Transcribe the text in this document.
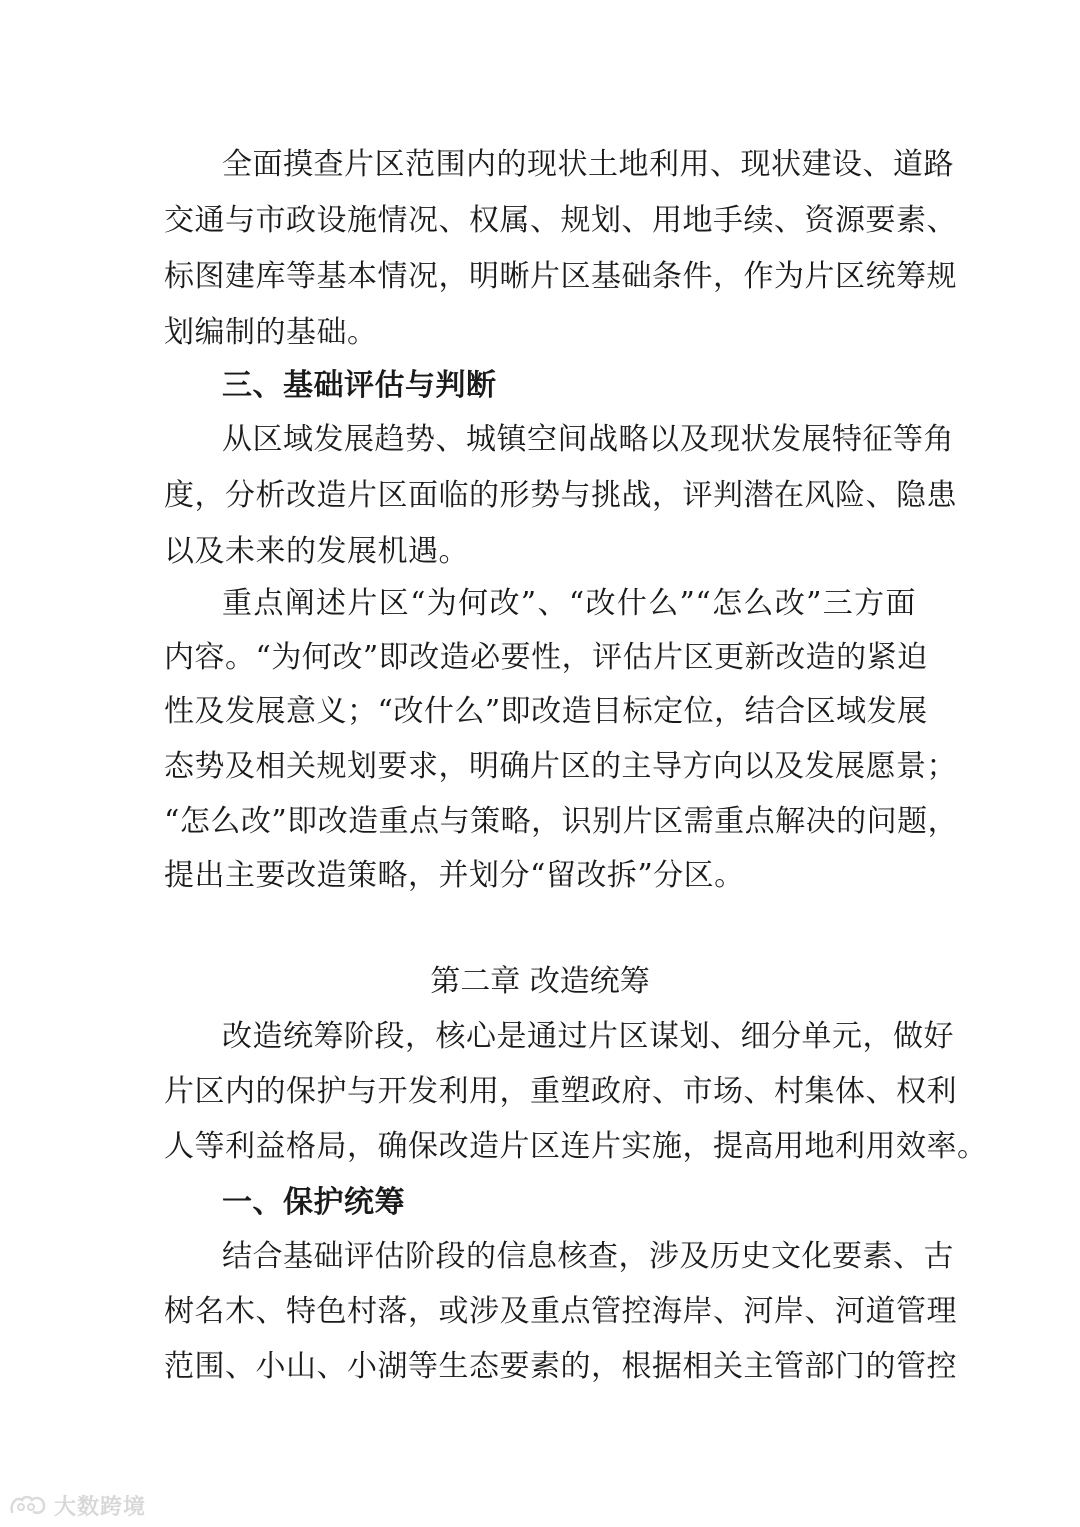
全面摸查片区范围内的现状土地利用、现状建设、道路
交通与市政设施情况、权属、规划、用地手续、资源要素、
标图建库等基本情况，明晰片区基础条件，作为片区统筹规
划编制的基础。
三、基础评估与判断
从区域发展趋势、城镇空间战略以及现状发展特征等角
度，分析改造片区面临的形势与挑战，评判潜在风险、隐患
以及未来的发展机遇。
重点阐述片区“为何改”、“改什么”“怎么改”三方面
内容。“为何改”即改造必要性，评估片区更新改造的紧迫
性及发展意义；“改什么”即改造目标定位，结合区域发展
态势及相关规划要求，明确片区的主导方向以及发展愿景；
“怎么改”即改造重点与策略，识别片区需重点解决的问题，
提出主要改造策略，并划分“留改拆”分区。
第二章 改造统筹
改造统筹阶段，核心是通过片区谋划、细分单元，做好
片区内的保护与开发利用，重塑政府、市场、村集体、权利
人等利益格局，确保改造片区连片实施，提高用地利用效率。
一、保护统筹
结合基础评估阶段的信息核查，涉及历史文化要素、古
树名木、特色村落，或涉及重点管控海岸、河岸、河道管理
范围、小山、小湖等生态要素的，根据相关主管部门的管控
大数跨境
